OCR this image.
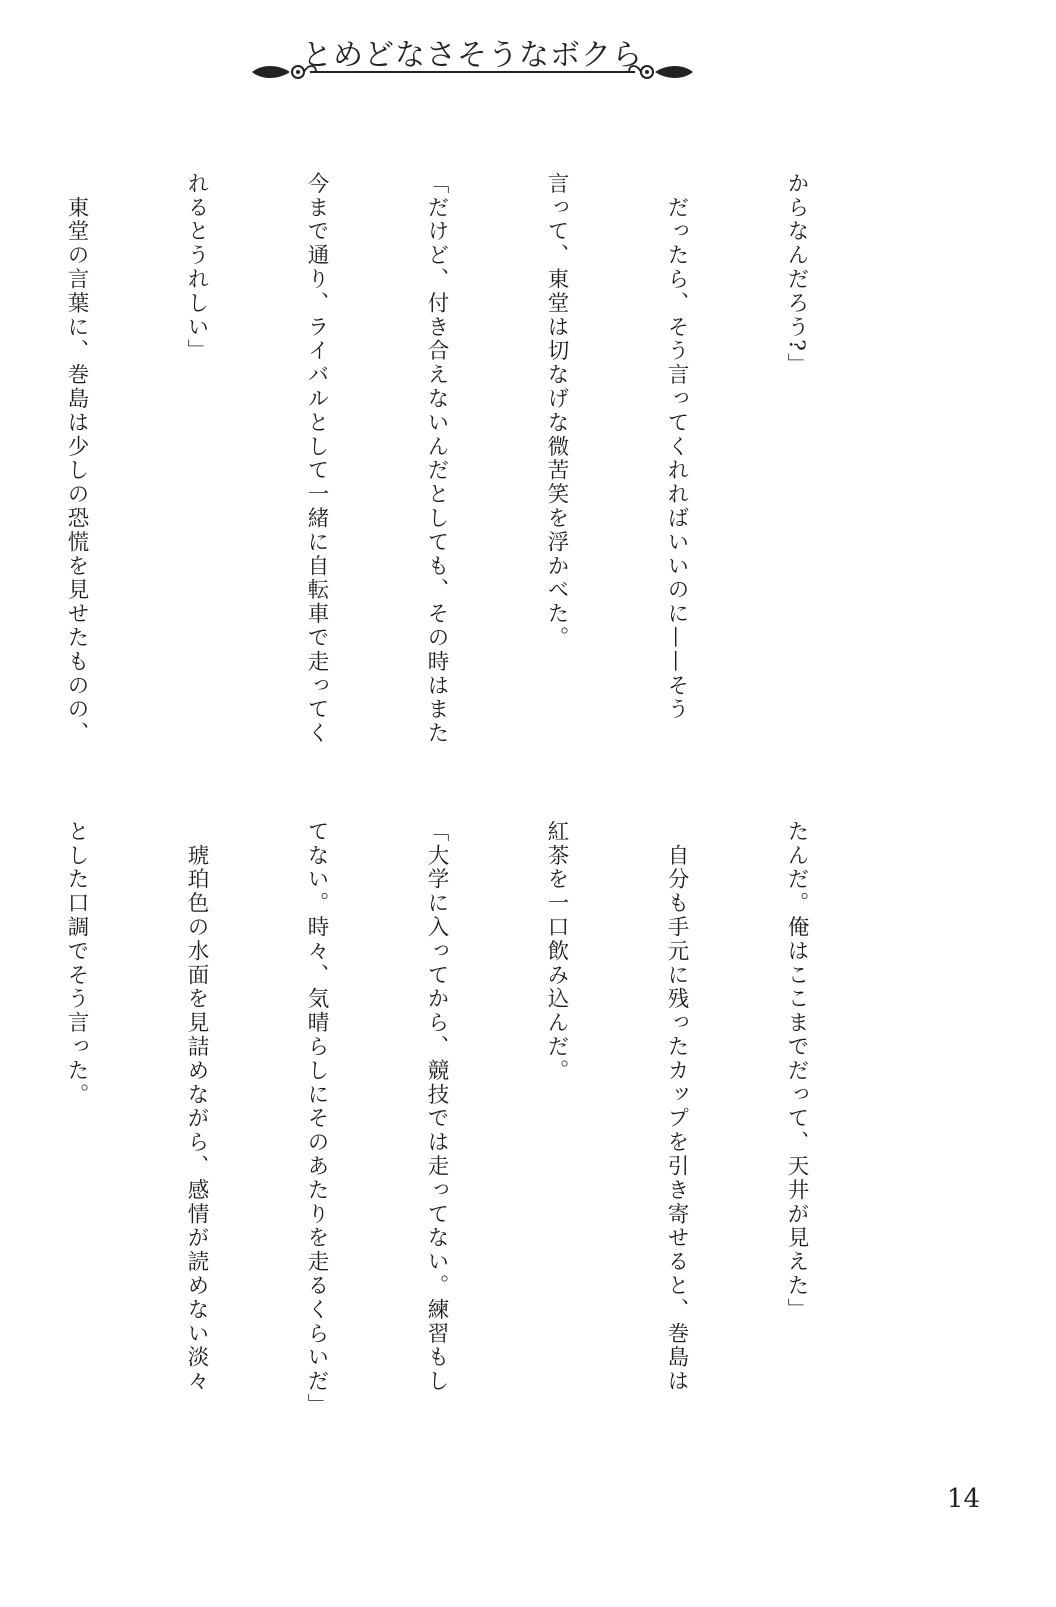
とめどなさそうなボクら

からなんだろう?」

　だったら、そう言ってくれればいいのに——そう

言って、東堂は切なげな微苦笑を浮かべた。

「だけど、付き合えないんだとしても、その時はまた

今まで通り、ライバルとして一緒に自転車で走ってく

れるとうれしい」

　東堂の言葉に、巻島は少しの恐慌を見せたものの、

たんだ。俺はここまでだって、天井が見えた」

　自分も手元に残ったカップを引き寄せると、巻島は

紅茶を一口飲み込んだ。

「大学に入ってから、競技では走ってない。練習もし

てない。時々、気晴らしにそのあたりを走るくらいだ」

　琥珀色の水面を見詰めながら、感情が読めない淡々

とした口調でそう言った。

14
